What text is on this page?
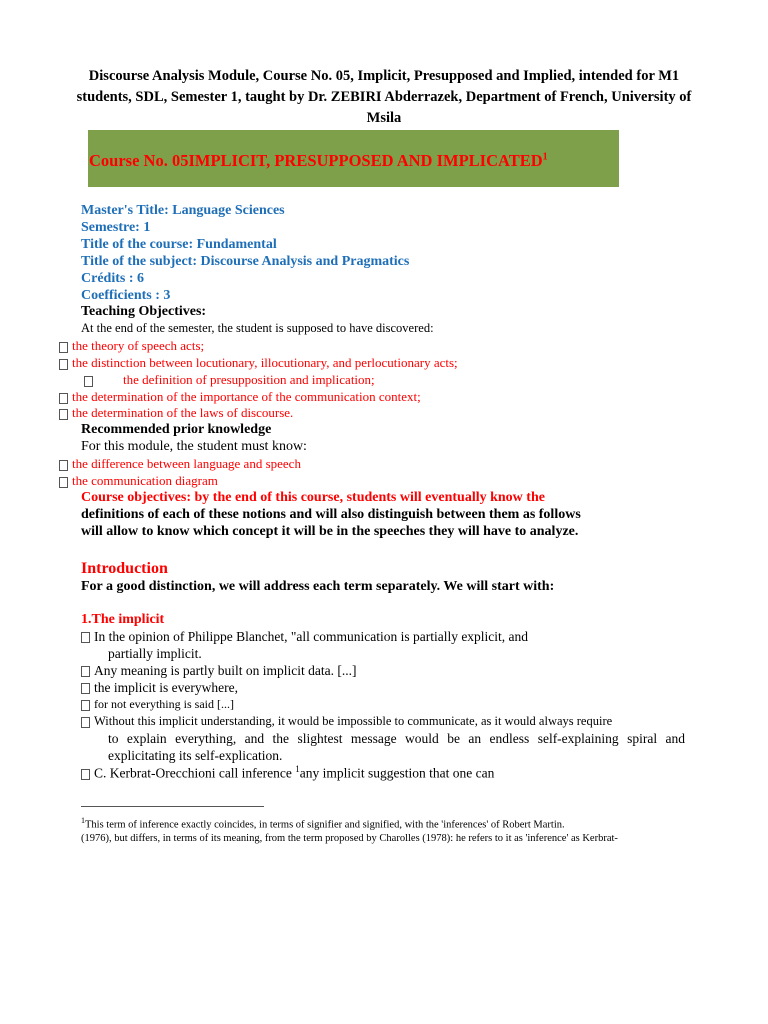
Discourse Analysis Module, Course No. 05, Implicit, Presupposed and Implied, intended for M1 students, SDL, Semester 1, taught by Dr. ZEBIRI Abderrazek, Department of French, University of Msila
Course No. 05IMPLICIT, PRESUPPOSED AND IMPLICATED$^1$
Master's Title: Language Sciences
Semestre: 1
Title of the course: Fundamental
Title of the subject: Discourse Analysis and Pragmatics
Crédits : 6
Coefficients : 3
Teaching Objectives:
At the end of the semester, the student is supposed to have discovered:
the theory of speech acts;
the distinction between locutionary, illocutionary, and perlocutionary acts;
the definition of presupposition and implication;
the determination of the importance of the communication context;
the determination of the laws of discourse.
Recommended prior knowledge
For this module, the student must know:
the difference between language and speech
the communication diagram
Course objectives: by the end of this course, students will eventually know the
definitions of each of these notions and will also distinguish between them as follows
will allow to know which concept it will be in the speeches they will have to analyze.
Introduction
For a good distinction, we will address each term separately. We will start with:
1.The implicit
In the opinion of Philippe Blanchet, "all communication is partially explicit, and
partially implicit.
Any meaning is partly built on implicit data. [...]
the implicit is everywhere,
for not everything is said [...]
Without this implicit understanding, it would be impossible to communicate, as it would always require
to explain everything, and the slightest message would be an endless self-explaining spiral and explicitating its self-explication.
C. Kerbrat-Orecchioni call inference $^1$any implicit suggestion that one can
$^1$This term of inference exactly coincides, in terms of signifier and signified, with the 'inferences' of Robert Martin.
(1976), but differs, in terms of its meaning, from the term proposed by Charolles (1978): he refers to it as 'inference' as Kerbrat-
